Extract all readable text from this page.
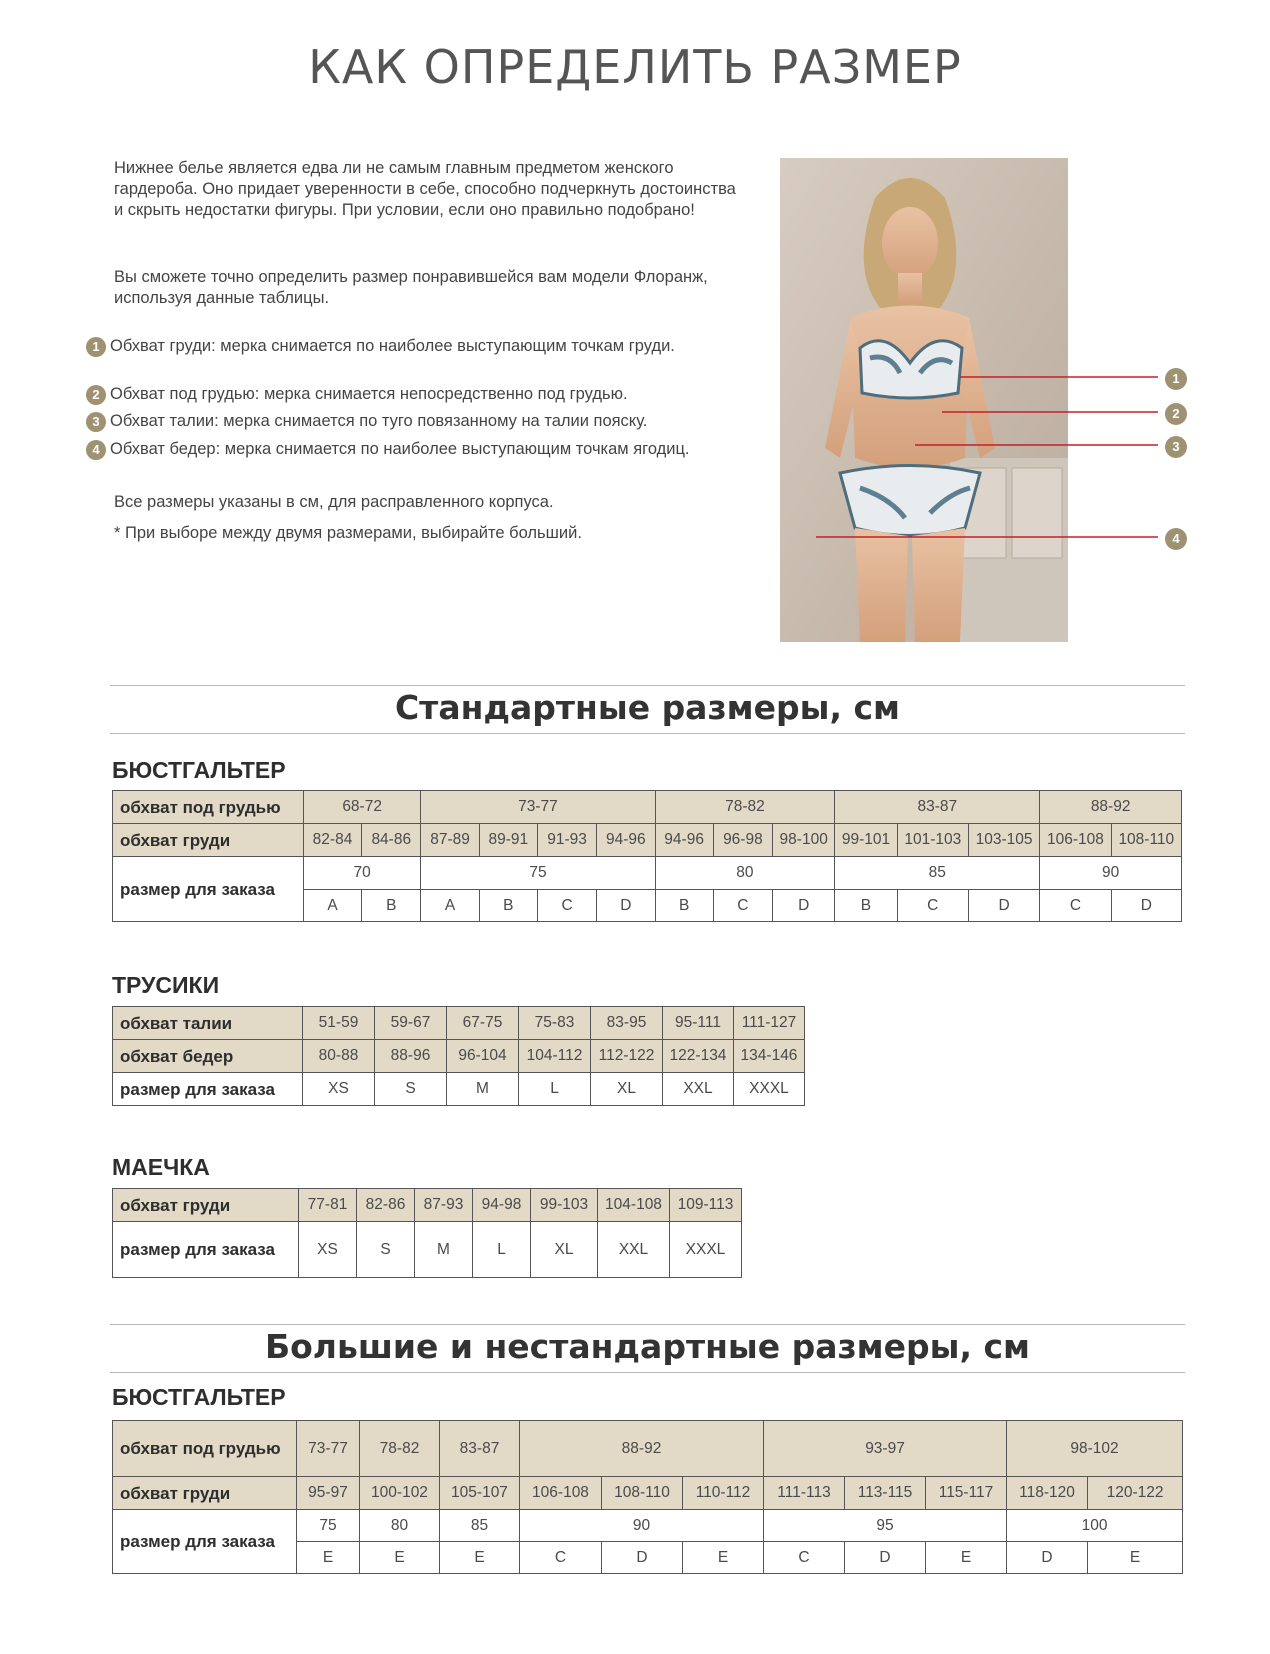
КАК ОПРЕДЕЛИТЬ РАЗМЕР

Нижнее белье является едва ли не самым главным предметом женского гардероба. Оно придает уверенности в себе, способно подчеркнуть достоинства и скрыть недостатки фигуры. При условии, если оно правильно подобрано!

Вы сможете точно определить размер понравившейся вам модели Флоранж, используя данные таблицы.

1 Обхват груди: мерка снимается по наиболее выступающим точкам груди.
2 Обхват под грудью: мерка снимается непосредственно под грудью.
3 Обхват талии: мерка снимается по туго повязанному на талии пояску.
4 Обхват бедер: мерка снимается по наиболее выступающим точкам ягодиц.

Все размеры указаны в см, для расправленного корпуса.

* При выборе между двумя размерами, выбирайте больший.

1
2
3
4
Стандартные размеры, см
БЮСТГАЛЬТЕР
обхват под грудью	68-72		73-77				78-82			83-87			88-92	
обхват груди	82-84	84-86	87-89	89-91	91-93	94-96	94-96	96-98	98-100	99-101	101-103	103-105	106-108	108-110
размер для заказа	70		75				80			85			90	
	A	B	A	B	C	D	B	C	D	B	C	D	C	D
ТРУСИКИ
обхват талии	51-59	59-67	67-75	75-83	83-95	95-111	111-127
обхват бедер	80-88	88-96	96-104	104-112	112-122	122-134	134-146
размер для заказа	XS	S	M	L	XL	XXL	XXXL
МАЕЧКА
обхват груди	77-81	82-86	87-93	94-98	99-103	104-108	109-113
размер для заказа	XS	S	M	L	XL	XXL	XXXL
Большие и нестандартные размеры, см
БЮСТГАЛЬТЕР
обхват под грудью	73-77	78-82	83-87	88-92			93-97			98-102	
обхват груди	95-97	100-102	105-107	106-108	108-110	110-112	111-113	113-115	115-117	118-120	120-122
размер для заказа	75	80	85	90			95			100	
	E	E	E	C	D	E	C	D	E	D	E
